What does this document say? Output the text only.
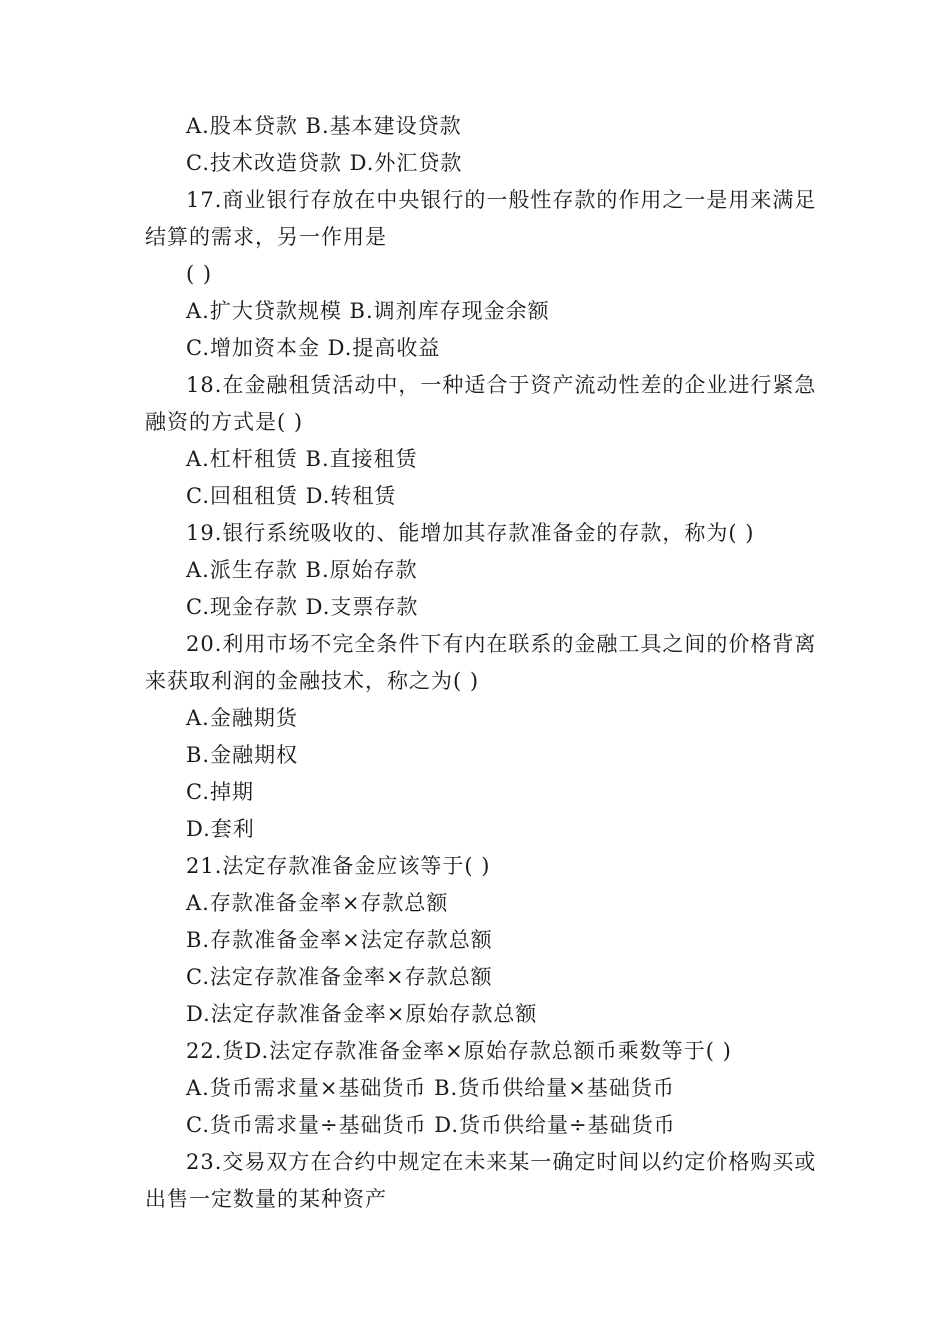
A.股本贷款 B.基本建设贷款
C.技术改造贷款 D.外汇贷款
17.商业银行存放在中央银行的一般性存款的作用之一是用来满足
结算的需求，另一作用是
( )
A.扩大贷款规模 B.调剂库存现金余额
C.增加资本金 D.提高收益
18.在金融租赁活动中，一种适合于资产流动性差的企业进行紧急
融资的方式是( )
A.杠杆租赁 B.直接租赁
C.回租租赁 D.转租赁
19.银行系统吸收的、能增加其存款准备金的存款，称为( )
A.派生存款 B.原始存款
C.现金存款 D.支票存款
20.利用市场不完全条件下有内在联系的金融工具之间的价格背离
来获取利润的金融技术，称之为( )
A.金融期货
B.金融期权
C.掉期
D.套利
21.法定存款准备金应该等于( )
A.存款准备金率×存款总额
B.存款准备金率×法定存款总额
C.法定存款准备金率×存款总额
D.法定存款准备金率×原始存款总额
22.货D.法定存款准备金率×原始存款总额币乘数等于( )
A.货币需求量×基础货币 B.货币供给量×基础货币
C.货币需求量÷基础货币 D.货币供给量÷基础货币
23.交易双方在合约中规定在未来某一确定时间以约定价格购买或
出售一定数量的某种资产
